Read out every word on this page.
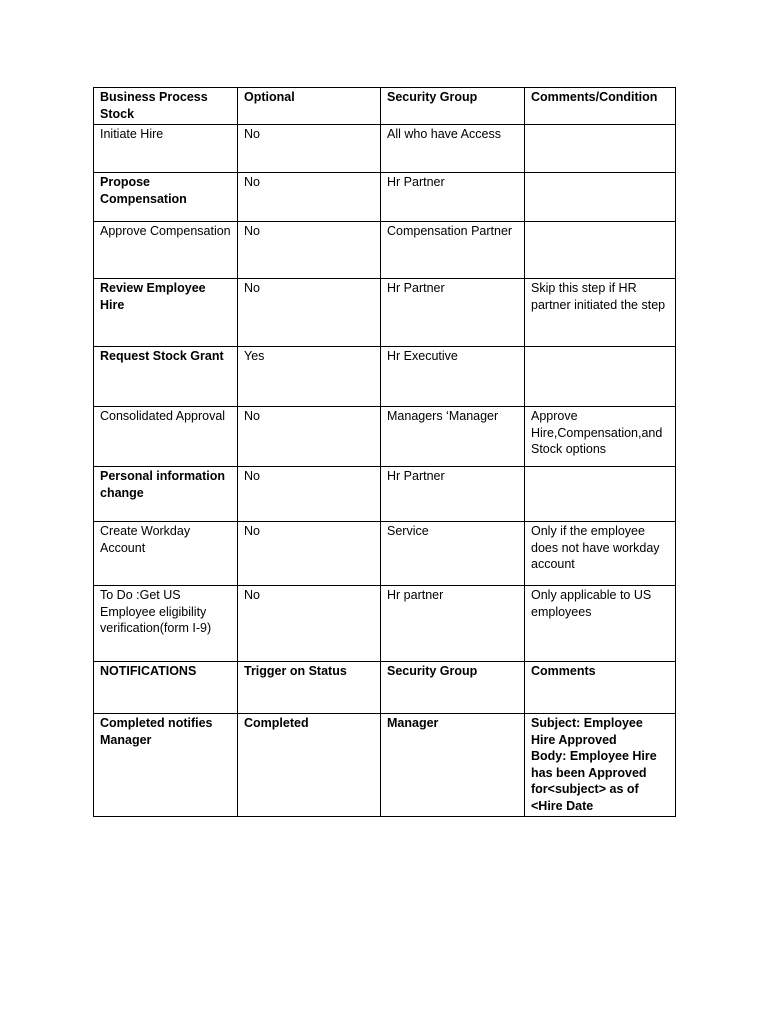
Business Process Stock	Optional	Security Group	Comments/Condition
Initiate Hire	No	All who have Access	
Propose Compensation	No	Hr Partner	
Approve Compensation	No	Compensation Partner	
Review Employee Hire	No	Hr Partner	Skip this step if HR partner initiated the step
Request Stock Grant	Yes	Hr Executive	
Consolidated Approval	No	Managers ‘Manager	Approve Hire,Compensation,and Stock options
Personal information change	No	Hr Partner	
Create Workday Account	No	Service	Only if the employee does not have workday account
To Do :Get US Employee eligibility verification(form I-9)	No	Hr partner	Only applicable to US employees
NOTIFICATIONS	Trigger on Status	Security Group	Comments
Completed notifies Manager	Completed	Manager	Subject: Employee Hire Approved
Body: Employee Hire has been Approved for<subject> as of <Hire Date
